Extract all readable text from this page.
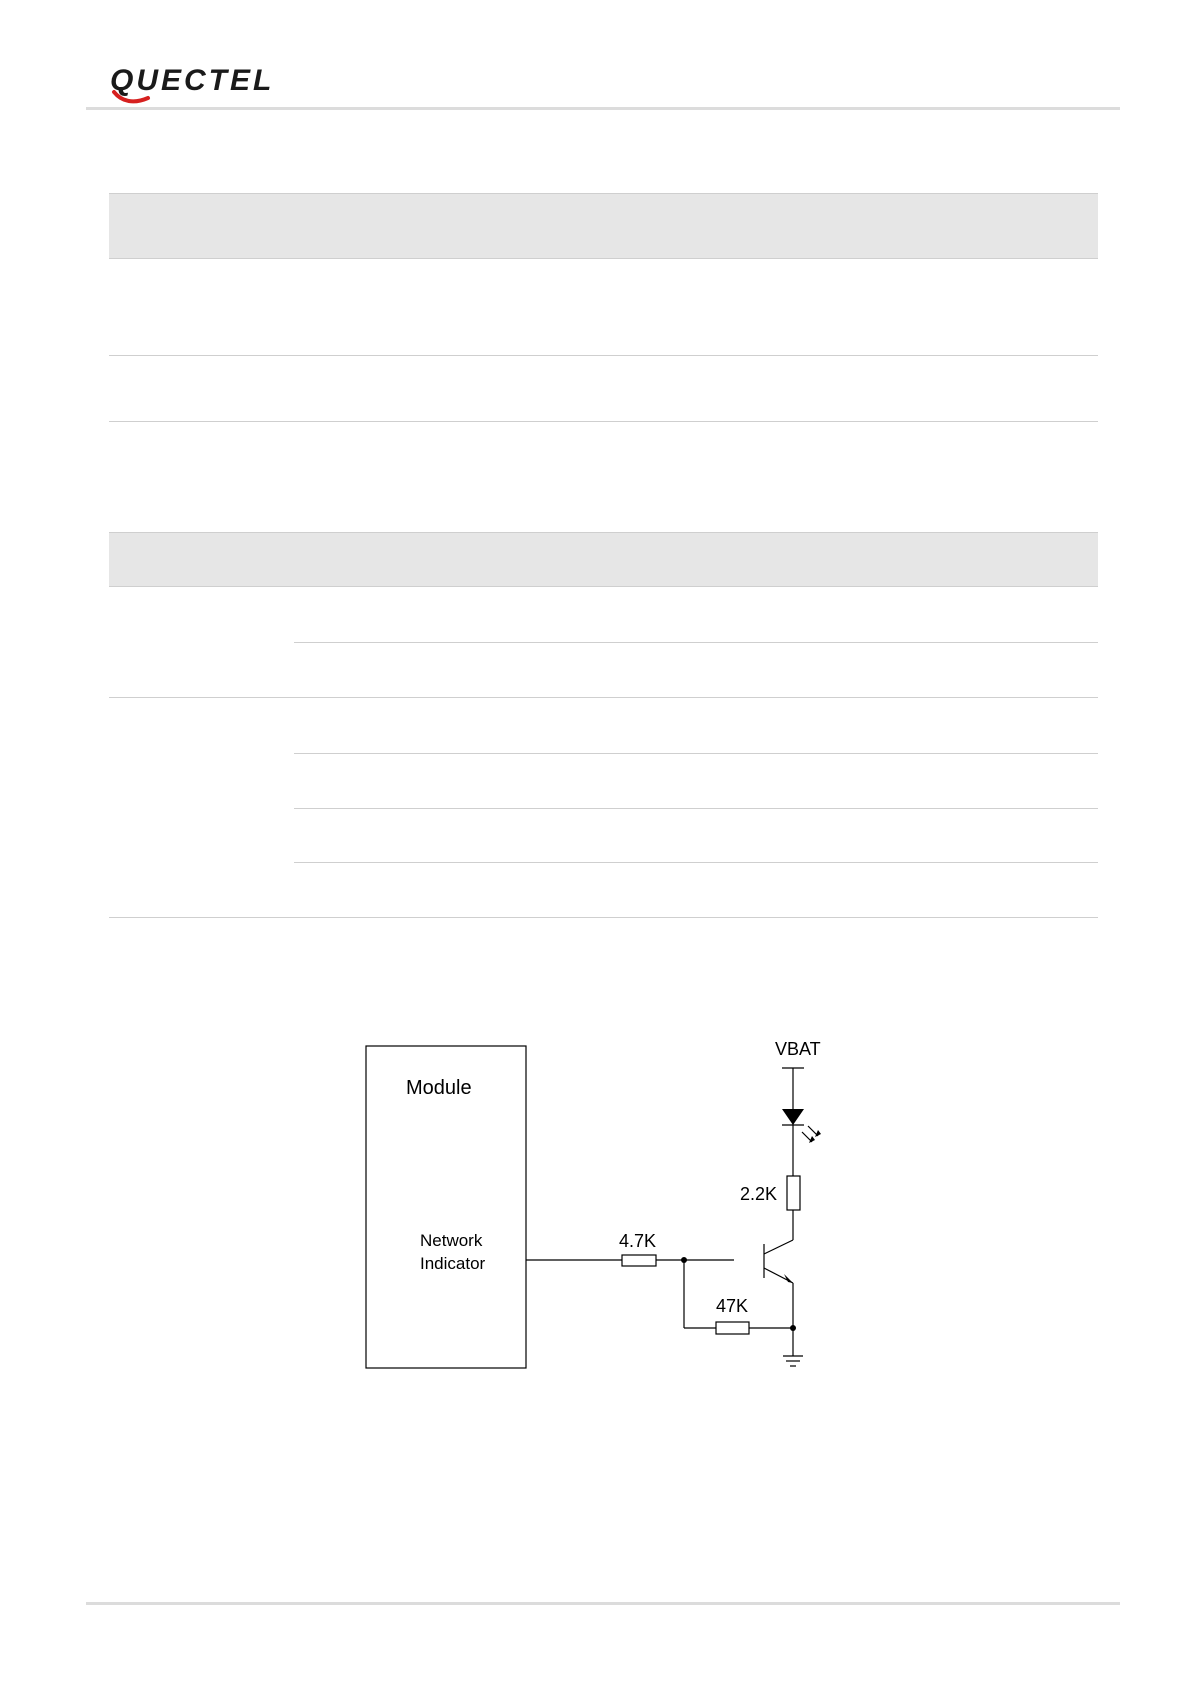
QUECTEL
Module
Network
Indicator
VBAT
4.7K
47K
2.2K
